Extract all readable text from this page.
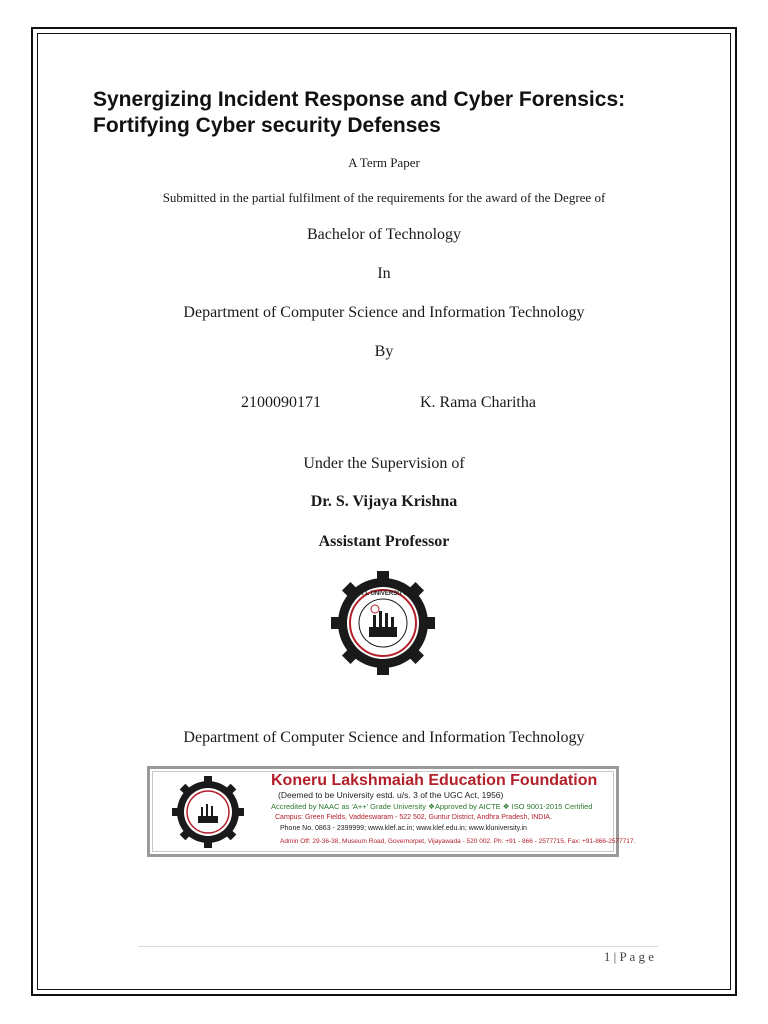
Synergizing Incident Response and Cyber Forensics:
Fortifying Cyber security Defenses
A Term Paper
Submitted in the partial fulfilment of the requirements for the award of the Degree of
Bachelor of Technology
In
Department of Computer Science and Information Technology
By
2100090171	K. Rama Charitha
Under the Supervision of
Dr. S. Vijaya Krishna
Assistant Professor
K L UNIVERSITY
Department of Computer Science and Information Technology
Koneru Lakshmaiah Education Foundation
(Deemed to be University estd. u/s. 3 of the UGC Act, 1956)
Accredited by NAAC as 'A++' Grade University ❖Approved by AICTE ❖ ISO 9001-2015 Certified
Campus: Green Fields, Vaddeswaram - 522 502, Guntur District, Andhra Pradesh, INDIA.
Phone No. 0863 - 2399999; www.klef.ac.in; www.klef.edu.in; www.kluniversity.in
Admin Off: 29-36-38, Museum Road, Governorpet, Vijayawada - 520 002. Ph: +91 - 866 - 2577715, Fax: +91-866-2577717.
1 | P a g e
